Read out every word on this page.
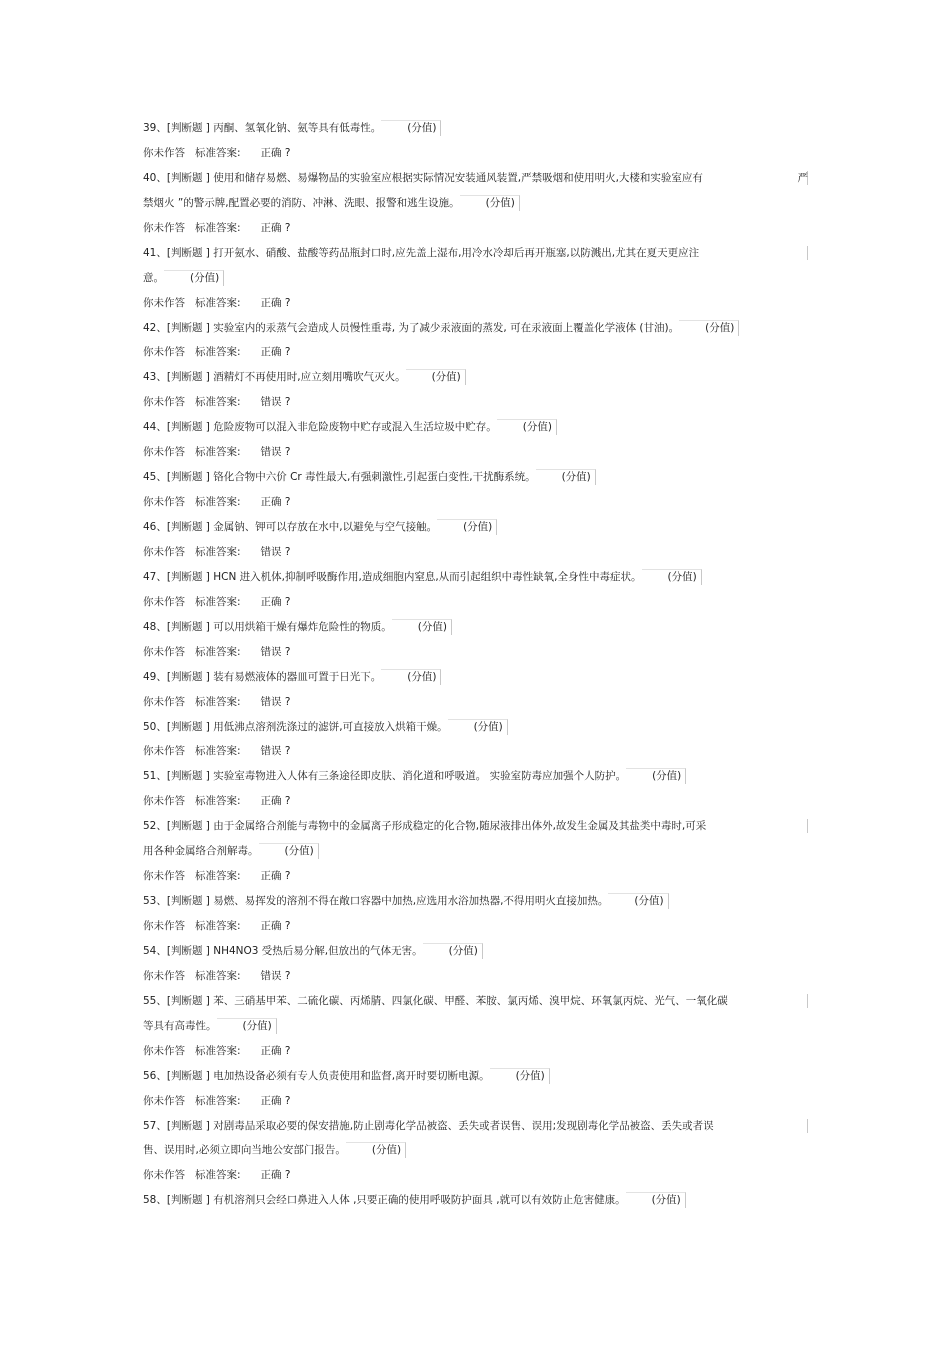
39、[判断题 ] 丙酮、氢氧化钠、氨等具有低毒性。 (分值)
你未作答 标准答案: 正确 ?
40、[判断题 ] 使用和储存易燃、易爆物品的实验室应根据实际情况安装通风装置,严禁吸烟和使用明火,大楼和实验室应有	严
禁烟火 ”的警示牌,配置必要的消防、冲淋、洗眼、报警和逃生设施。 (分值)
你未作答 标准答案: 正确 ?
41、[判断题 ] 打开氨水、硝酸、盐酸等药品瓶封口时,应先盖上湿布,用冷水冷却后再开瓶塞,以防溅出,尤其在夏天更应注
意。 (分值)
你未作答 标准答案: 正确 ?
42、[判断题 ] 实验室内的汞蒸气会造成人员慢性重毒, 为了减少汞液面的蒸发, 可在汞液面上覆盖化学液体 (甘油)。 (分值)
你未作答 标准答案: 正确 ?
43、[判断题 ] 酒精灯不再使用时,应立刻用嘴吹气灭火。 (分值)
你未作答 标准答案: 错误 ?
44、[判断题 ] 危险废物可以混入非危险废物中贮存或混入生活垃圾中贮存。 (分值)
你未作答 标准答案: 错误 ?
45、[判断题 ] 铬化合物中六价 Cr 毒性最大,有强刺激性,引起蛋白变性,干扰酶系统。 (分值)
你未作答 标准答案: 正确 ?
46、[判断题 ] 金属钠、钾可以存放在水中,以避免与空气接触。 (分值)
你未作答 标准答案: 错误 ?
47、[判断题 ] HCN 进入机体,抑制呼吸酶作用,造成细胞内窒息,从而引起组织中毒性缺氧,全身性中毒症状。 (分值)
你未作答 标准答案: 正确 ?
48、[判断题 ] 可以用烘箱干燥有爆炸危险性的物质。 (分值)
你未作答 标准答案: 错误 ?
49、[判断题 ] 装有易燃液体的器皿可置于日光下。 (分值)
你未作答 标准答案: 错误 ?
50、[判断题 ] 用低沸点溶剂洗涤过的滤饼,可直接放入烘箱干燥。 (分值)
你未作答 标准答案: 错误 ?
51、[判断题 ] 实验室毒物进入人体有三条途径即皮肤、消化道和呼吸道。 实验室防毒应加强个人防护。 (分值)
你未作答 标准答案: 正确 ?
52、[判断题 ] 由于金属络合剂能与毒物中的金属离子形成稳定的化合物,随尿液排出体外,故发生金属及其盐类中毒时,可采
用各种金属络合剂解毒。 (分值)
你未作答 标准答案: 正确 ?
53、[判断题 ] 易燃、易挥发的溶剂不得在敞口容器中加热,应选用水浴加热器,不得用明火直接加热。 (分值)
你未作答 标准答案: 正确 ?
54、[判断题 ] NH4NO3 受热后易分解,但放出的气体无害。 (分值)
你未作答 标准答案: 错误 ?
55、[判断题 ] 苯、三硝基甲苯、二硫化碳、丙烯腈、四氯化碳、甲醛、苯胺、氯丙烯、溴甲烷、环氧氯丙烷、光气、一氧化碳
等具有高毒性。 (分值)
你未作答 标准答案: 正确 ?
56、[判断题 ] 电加热设备必须有专人负责使用和监督,离开时要切断电源。 (分值)
你未作答 标准答案: 正确 ?
57、[判断题 ] 对剧毒品采取必要的保安措施,防止剧毒化学品被盗、丢失或者误售、误用;发现剧毒化学品被盗、丢失或者误
售、误用时,必须立即向当地公安部门报告。 (分值)
你未作答 标准答案: 正确 ?
58、[判断题 ] 有机溶剂只会经口鼻进入人体 ,只要正确的使用呼吸防护面具 ,就可以有效防止危害健康。 (分值)
